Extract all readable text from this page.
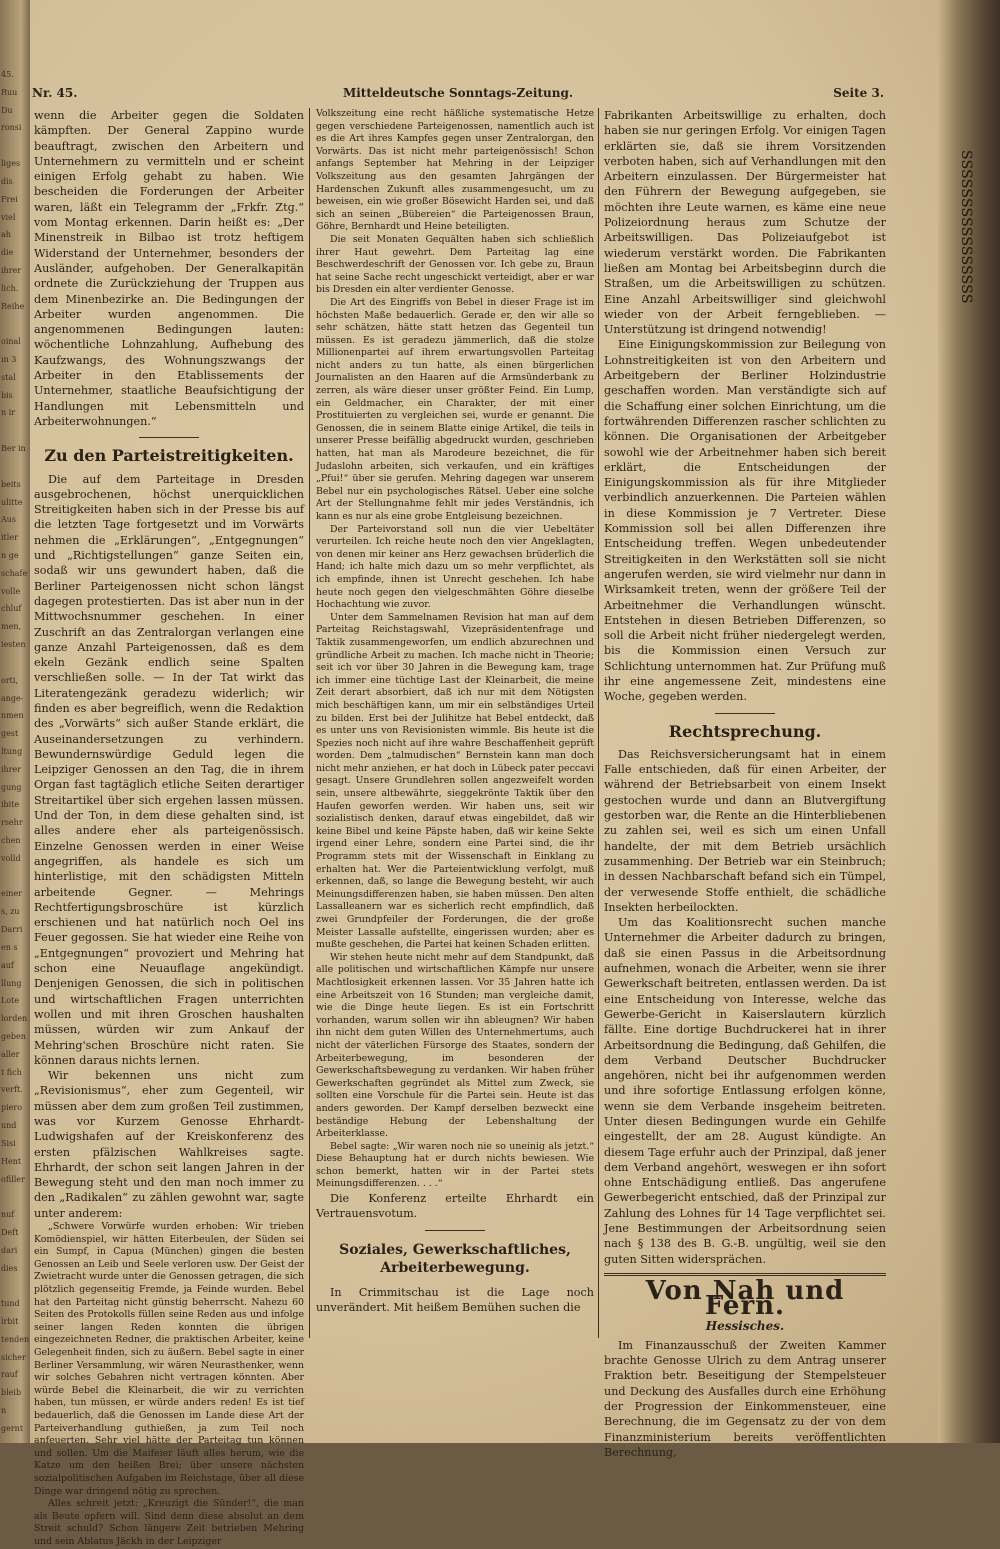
45.
Ruu
Du
ronsi
liges
dis
Frei
viel
ah
die
ihrer
lich.
Reihe
oinal
ın 3
stal
bis
n ir
Ber in
beits
ulitte
Aus
itler
n ge
schafe
volle
chluf
men,
iesten
orti,
ange-
nmen
gest
ltung
ihrer
gung
ibite
rsehr
chen
volld
einer
s, zu
Darri
en s
auf
llung
Lote
lorden
geben
aller
t fich
verft.
piero
und
Sisi
Hent
ofiller
nuf
Deft
dari
dies
tund
lrbit
tenden
sicher
rauf
bleib
n
gernt
ЅЅЅЅЅЅЅЅЅЅЅЅЅЅЅЅ
Nr. 45.	Mitteldeutsche Sonntags-Zeitung.	Seite 3.

wenn die Arbeiter gegen die Soldaten kämpften. Der General Zappino wurde beauftragt, zwischen den Arbeitern und Unternehmern zu vermitteln und er scheint einigen Erfolg gehabt zu haben. Wie bescheiden die Forderungen der Arbeiter waren, läßt ein Telegramm der „Frkfr. Ztg.“ vom Montag erkennen. Darin heißt es: „Der Minenstreik in Bilbao ist trotz heftigem Widerstand der Unternehmer, besonders der Ausländer, aufgehoben. Der Generalkapitän ordnete die Zurückziehung der Truppen aus dem Minenbezirke an. Die Bedingungen der Arbeiter wurden angenommen. Die angenommenen Bedingungen lauten: wöchentliche Lohnzahlung, Aufhebung des Kaufzwangs, des Wohnungszwangs der Arbeiter in den Etablissements der Unternehmer, staatliche Beaufsichtigung der Handlungen mit Lebensmitteln und Arbeiterwohnungen.“

Zu den Parteistreitigkeiten.

Die auf dem Parteitage in Dresden ausgebrochenen, höchst unerquicklichen Streitigkeiten haben sich in der Presse bis auf die letzten Tage fortgesetzt und im Vorwärts nehmen die „Erklärungen“, „Entgegnungen“ und „Richtigstellungen“ ganze Seiten ein, sodaß wir uns gewundert haben, daß die Berliner Parteigenossen nicht schon längst dagegen protestierten. Das ist aber nun in der Mittwochsnummer geschehen. In einer Zuschrift an das Zentralorgan verlangen eine ganze Anzahl Parteigenossen, daß es dem ekeln Gezänk endlich seine Spalten verschließen solle. — In der Tat wirkt das Literatengezänk geradezu widerlich; wir finden es aber begreiflich, wenn die Redaktion des „Vorwärts“ sich außer Stande erklärt, die Auseinandersetzungen zu verhindern. Bewundernswürdige Geduld legen die Leipziger Genossen an den Tag, die in ihrem Organ fast tagtäglich etliche Seiten derartiger Streitartikel über sich ergehen lassen müssen. Und der Ton, in dem diese gehalten sind, ist alles andere eher als parteigenössisch. Einzelne Genossen werden in einer Weise angegriffen, als handele es sich um hinterlistige, mit den schädigsten Mitteln arbeitende Gegner. — Mehrings Rechtfertigungsbroschüre ist kürzlich erschienen und hat natürlich noch Oel ins Feuer gegossen. Sie hat wieder eine Reihe von „Entgegnungen“ provoziert und Mehring hat schon eine Neuauflage angekündigt. Denjenigen Genossen, die sich in politischen und wirtschaftlichen Fragen unterrichten wollen und mit ihren Groschen haushalten müssen, würden wir zum Ankauf der Mehring'schen Broschüre nicht raten. Sie können daraus nichts lernen.

Wir bekennen uns nicht zum „Revisionismus“, eher zum Gegenteil, wir müssen aber dem zum großen Teil zustimmen, was vor Kurzem Genosse Ehrhardt-Ludwigshafen auf der Kreiskonferenz des ersten pfälzischen Wahlkreises sagte. Ehrhardt, der schon seit langen Jahren in der Bewegung steht und den man noch immer zu den „Radikalen“ zu zählen gewohnt war, sagte unter anderem:

„Schwere Vorwürfe wurden erhoben: Wir trieben Komödienspiel, wir hätten Eiterbeulen, der Süden sei ein Sumpf, in Capua (München) gingen die besten Genossen an Leib und Seele verloren usw. Der Geist der Zwietracht wurde unter die Genossen getragen, die sich plötzlich gegenseitig Fremde, ja Feinde wurden. Bebel hat den Parteitag nicht günstig beherrscht. Nahezu 60 Seiten des Protokolls füllen seine Reden aus und infolge seiner langen Reden konnten die übrigen eingezeichneten Redner, die praktischen Arbeiter, keine Gelegenheit finden, sich zu äußern. Bebel sagte in einer Berliner Versammlung, wir wären Neurasthenker, wenn wir solches Gebahren nicht vertragen könnten. Aber würde Bebel die Kleinarbeit, die wir zu verrichten haben, tun müssen, er würde anders reden! Es ist tief bedauerlich, daß die Genossen im Lande diese Art der Parteiverhandlung guthießen, ja zum Teil noch anfeuerten. Sehr viel hätte der Parteitag tun können und sollen. Um die Maifeier läuft alles herum, wie die Katze um den heißen Brei; über unsere nächsten sozialpolitischen Aufgaben im Reichstage, über all diese Dinge war dringend nötig zu sprechen.

Alles schreit jetzt: „Kreuzigt die Sünder!“, die man als Beute opfern will. Sind denn diese absolut an dem Streit schuld? Schon längere Zeit betrieben Mehring und sein Ablatus Jäckh in der Leipziger

Volkszeitung eine recht häßliche systematische Hetze gegen verschiedene Parteigenossen, namentlich auch ist es die Art ihres Kampfes gegen unser Zentralorgan, den Vorwärts. Das ist nicht mehr parteigenössisch! Schon anfangs September hat Mehring in der Leipziger Volkszeitung aus den gesamten Jahrgängen der Hardenschen Zukunft alles zusammengesucht, um zu beweisen, ein wie großer Bösewicht Harden sei, und daß sich an seinen „Bübereien“ die Parteigenossen Braun, Göhre, Bernhardt und Heine beteiligten.

Die seit Monaten Gequälten haben sich schließlich ihrer Haut gewehrt. Dem Parteitag lag eine Beschwerdeschrift der Genossen vor. Ich gebe zu, Braun hat seine Sache recht ungeschickt verteidigt, aber er war bis Dresden ein alter verdienter Genosse.

Die Art des Eingriffs von Bebel in dieser Frage ist im höchsten Maße bedauerlich. Gerade er, den wir alle so sehr schätzen, hätte statt hetzen das Gegenteil tun müssen. Es ist geradezu jämmerlich, daß die stolze Millionenpartei auf ihrem erwartungsvollen Parteitag nicht anders zu tun hatte, als einen bürgerlichen Journalisten an den Haaren auf die Armsünderbank zu zerren, als wäre dieser unser größter Feind. Ein Lump, ein Geldmacher, ein Charakter, der mit einer Prostituierten zu vergleichen sei, wurde er genannt. Die Genossen, die in seinem Blatte einige Artikel, die teils in unserer Presse beifällig abgedruckt wurden, geschrieben hatten, hat man als Marodeure bezeichnet, die für Judaslohn arbeiten, sich verkaufen, und ein kräftiges „Pfui!“ über sie gerufen. Mehring dagegen war unserem Bebel nur ein psychologisches Rätsel. Ueber eine solche Art der Stellungnahme fehlt mir jedes Verständnis, ich kann es nur als eine grobe Entgleisung bezeichnen.

Der Parteivorstand soll nun die vier Uebeltäter verurteilen. Ich reiche heute noch den vier Angeklagten, von denen mir keiner ans Herz gewachsen brüderlich die Hand; ich halte mich dazu um so mehr verpflichtet, als ich empfinde, ihnen ist Unrecht geschehen. Ich habe heute noch gegen den vielgeschmähten Göhre dieselbe Hochachtung wie zuvor.

Unter dem Sammelnamen Revision hat man auf dem Parteitag Reichstagswahl, Vizepräsidentenfrage und Taktik zusammengeworfen, um endlich abzurechnen und gründliche Arbeit zu machen. Ich mache nicht in Theorie; seit ich vor über 30 Jahren in die Bewegung kam, trage ich immer eine tüchtige Last der Kleinarbeit, die meine Zeit derart absorbiert, daß ich nur mit dem Nötigsten mich beschäftigen kann, um mir ein selbständiges Urteil zu bilden. Erst bei der Julihitze hat Bebel entdeckt, daß es unter uns von Revisionisten wimmle. Bis heute ist die Spezies noch nicht auf ihre wahre Beschaffenheit geprüft worden. Dem „talmudischen“ Bernstein kann man doch nicht mehr anziehen, er hat doch in Lübeck pater peccavi gesagt. Unsere Grundlehren sollen angezweifelt worden sein, unsere altbewährte, sieggekrönte Taktik über den Haufen geworfen werden. Wir haben uns, seit wir sozialistisch denken, darauf etwas eingebildet, daß wir keine Bibel und keine Päpste haben, daß wir keine Sekte irgend einer Lehre, sondern eine Partei sind, die ihr Programm stets mit der Wissenschaft in Einklang zu erhalten hat. Wer die Parteientwicklung verfolgt, muß erkennen, daß, so lange die Bewegung besteht, wir auch Meinungsdifferenzen haben, sie haben müssen. Den alten Lassalleanern war es sicherlich recht empfindlich, daß zwei Grundpfeiler der Forderungen, die der große Meister Lassalle aufstellte, eingerissen wurden; aber es mußte geschehen, die Partei hat keinen Schaden erlitten.

Wir stehen heute nicht mehr auf dem Standpunkt, daß alle politischen und wirtschaftlichen Kämpfe nur unsere Machtlosigkeit erkennen lassen. Vor 35 Jahren hatte ich eine Arbeitszeit von 16 Stunden; man vergleiche damit, wie die Dinge heute liegen. Es ist ein Fortschritt vorhanden, warum sollen wir ihn ableugnen? Wir haben ihn nicht dem guten Willen des Unternehmertums, auch nicht der väterlichen Fürsorge des Staates, sondern der Arbeiterbewegung, im besonderen der Gewerkschaftsbewegung zu verdanken. Wir haben früher Gewerkschaften gegründet als Mittel zum Zweck, sie sollten eine Vorschule für die Partei sein. Heute ist das anders geworden. Der Kampf derselben bezweckt eine beständige Hebung der Lebenshaltung der Arbeiterklasse.

Bebel sagte: „Wir waren noch nie so uneinig als jetzt.“ Diese Behauptung hat er durch nichts bewiesen. Wie schon bemerkt, hatten wir in der Partei stets Meinungsdifferenzen. . . .“

Die Konferenz erteilte Ehrhardt ein Vertrauensvotum.

Soziales, Gewerkschaftliches, Arbeiterbewegung.

In Crimmitschau ist die Lage noch unverändert. Mit heißem Bemühen suchen die

Fabrikanten Arbeitswillige zu erhalten, doch haben sie nur geringen Erfolg. Vor einigen Tagen erklärten sie, daß sie ihrem Vorsitzenden verboten haben, sich auf Verhandlungen mit den Arbeitern einzulassen. Der Bürgermeister hat den Führern der Bewegung aufgegeben, sie möchten ihre Leute warnen, es käme eine neue Polizeiordnung heraus zum Schutze der Arbeitswilligen. Das Polizeiaufgebot ist wiederum verstärkt worden. Die Fabrikanten ließen am Montag bei Arbeitsbeginn durch die Straßen, um die Arbeitswilligen zu schützen. Eine Anzahl Arbeitswilliger sind gleichwohl wieder von der Arbeit ferngeblieben. — Unterstützung ist dringend notwendig!

Eine Einigungskommission zur Beilegung von Lohnstreitigkeiten ist von den Arbeitern und Arbeitgebern der Berliner Holzindustrie geschaffen worden. Man verständigte sich auf die Schaffung einer solchen Einrichtung, um die fortwährenden Differenzen rascher schlichten zu können. Die Organisationen der Arbeitgeber sowohl wie der Arbeitnehmer haben sich bereit erklärt, die Entscheidungen der Einigungskommission als für ihre Mitglieder verbindlich anzuerkennen. Die Parteien wählen in diese Kommission je 7 Vertreter. Diese Kommission soll bei allen Differenzen ihre Entscheidung treffen. Wegen unbedeutender Streitigkeiten in den Werkstätten soll sie nicht angerufen werden, sie wird vielmehr nur dann in Wirksamkeit treten, wenn der größere Teil der Arbeitnehmer die Verhandlungen wünscht. Entstehen in diesen Betrieben Differenzen, so soll die Arbeit nicht früher niedergelegt werden, bis die Kommission einen Versuch zur Schlichtung unternommen hat. Zur Prüfung muß ihr eine angemessene Zeit, mindestens eine Woche, gegeben werden.

Rechtsprechung.

Das Reichsversicherungsamt hat in einem Falle entschieden, daß für einen Arbeiter, der während der Betriebsarbeit von einem Insekt gestochen wurde und dann an Blutvergiftung gestorben war, die Rente an die Hinterbliebenen zu zahlen sei, weil es sich um einen Unfall handelte, der mit dem Betrieb ursächlich zusammenhing. Der Betrieb war ein Steinbruch; in dessen Nachbarschaft befand sich ein Tümpel, der verwesende Stoffe enthielt, die schädliche Insekten herbeilockten.

Um das Koalitionsrecht suchen manche Unternehmer die Arbeiter dadurch zu bringen, daß sie einen Passus in die Arbeitsordnung aufnehmen, wonach die Arbeiter, wenn sie ihrer Gewerkschaft beitreten, entlassen werden. Da ist eine Entscheidung von Interesse, welche das Gewerbe-Gericht in Kaiserslautern kürzlich fällte. Eine dortige Buchdruckerei hat in ihrer Arbeitsordnung die Bedingung, daß Gehilfen, die dem Verband Deutscher Buchdrucker angehören, nicht bei ihr aufgenommen werden und ihre sofortige Entlassung erfolgen könne, wenn sie dem Verbande insgeheim beitreten. Unter diesen Bedingungen wurde ein Gehilfe eingestellt, der am 28. August kündigte. An diesem Tage erfuhr auch der Prinzipal, daß jener dem Verband angehört, weswegen er ihn sofort ohne Entschädigung entließ. Das angerufene Gewerbegericht entschied, daß der Prinzipal zur Zahlung des Lohnes für 14 Tage verpflichtet sei. Jene Bestimmungen der Arbeitsordnung seien nach § 138 des B. G.-B. ungültig, weil sie den guten Sitten widersprächen.

Von Nah und Fern.
Hessisches.

Im Finanzausschuß der Zweiten Kammer brachte Genosse Ulrich zu dem Antrag unserer Fraktion betr. Beseitigung der Stempelsteuer und Deckung des Ausfalles durch eine Erhöhung der Progression der Einkommensteuer, eine Berechnung, die im Gegensatz zu der von dem Finanzministerium bereits veröffentlichten Berechnung,
